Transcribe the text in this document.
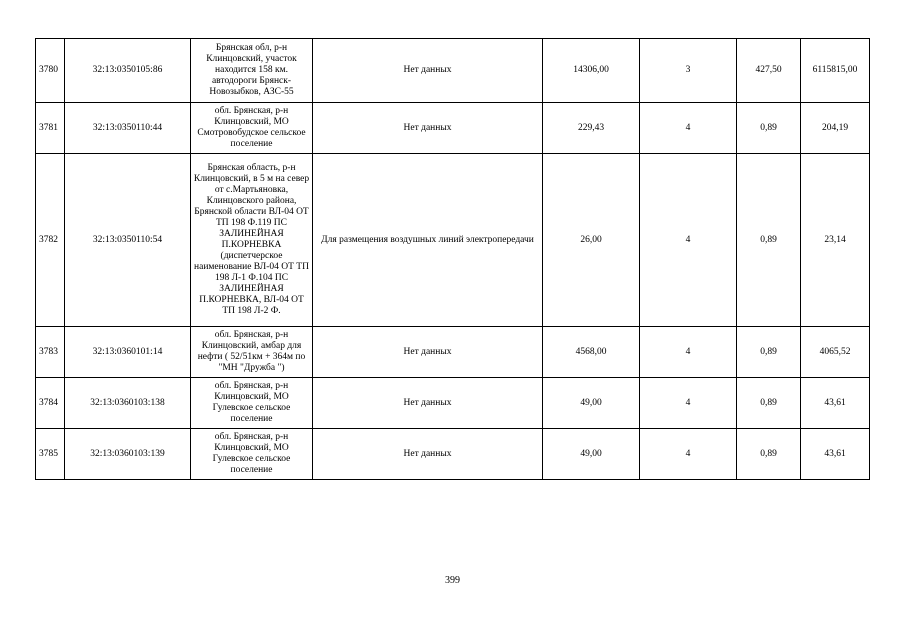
3780	32:13:0350105:86	Брянская обл, р-н Клинцовский, участок находится 158 км. автодороги Брянск-Новозыбков, АЗС-55	Нет данных	14306,00	3	427,50	6115815,00
3781	32:13:0350110:44	обл. Брянская, р-н Клинцовский, МО Смотровобудское сельское поселение	Нет данных	229,43	4	0,89	204,19
3782	32:13:0350110:54	Брянская область, р-н Клинцовский, в 5 м на север от с.Мартьяновка, Клинцовского района, Брянской области ВЛ-04 ОТ ТП 198 Ф.119 ПС ЗАЛИНЕЙНАЯ П.КОРНЕВКА (диспетчерское наименование ВЛ-04 ОТ ТП 198 Л-1 Ф.104 ПС ЗАЛИНЕЙНАЯ П.КОРНЕВКА, ВЛ-04 ОТ ТП 198 Л-2 Ф.	Для размещения воздушных линий электропередачи	26,00	4	0,89	23,14
3783	32:13:0360101:14	обл. Брянская, р-н Клинцовский, амбар для нефти ( 52/51км + 364м по "МН "Дружба ")	Нет данных	4568,00	4	0,89	4065,52
3784	32:13:0360103:138	обл. Брянская, р-н Клинцовский, МО Гулевское сельское поселение	Нет данных	49,00	4	0,89	43,61
3785	32:13:0360103:139	обл. Брянская, р-н Клинцовский, МО Гулевское сельское поселение	Нет данных	49,00	4	0,89	43,61
399
